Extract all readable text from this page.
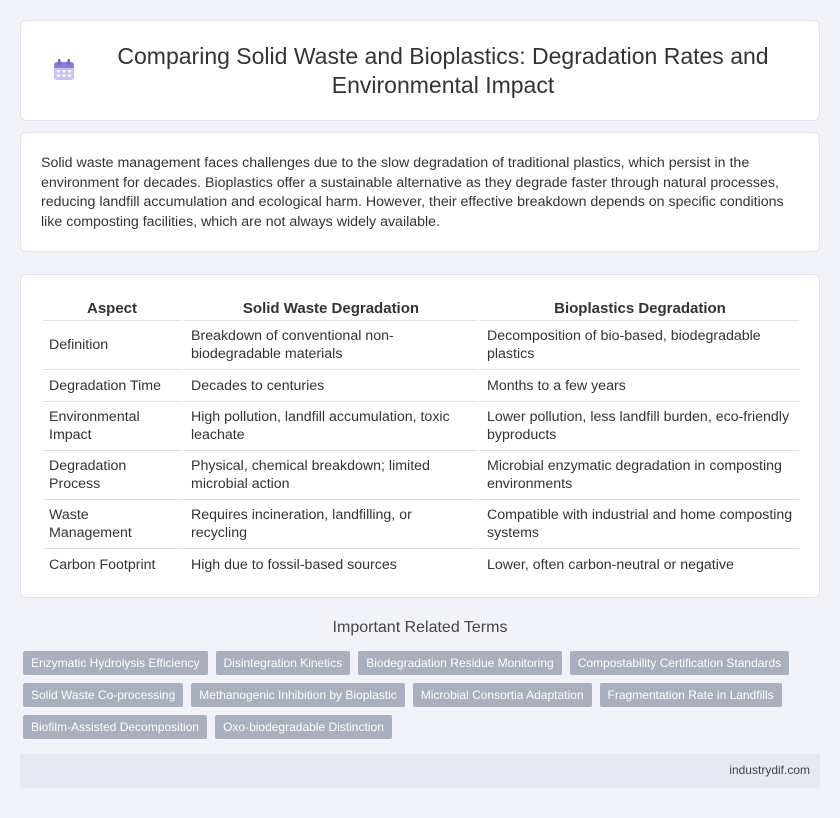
Comparing Solid Waste and Bioplastics: Degradation Rates and Environmental Impact

Solid waste management faces challenges due to the slow degradation of traditional plastics, which persist in the environment for decades. Bioplastics offer a sustainable alternative as they degrade faster through natural processes, reducing landfill accumulation and ecological harm. However, their effective breakdown depends on specific conditions like composting facilities, which are not always widely available.

Aspect	Solid Waste Degradation	Bioplastics Degradation
Definition	Breakdown of conventional non-biodegradable materials	Decomposition of bio-based, biodegradable plastics
Degradation Time	Decades to centuries	Months to a few years
Environmental Impact	High pollution, landfill accumulation, toxic leachate	Lower pollution, less landfill burden, eco-friendly byproducts
Degradation Process	Physical, chemical breakdown; limited microbial action	Microbial enzymatic degradation in composting environments
Waste Management	Requires incineration, landfilling, or recycling	Compatible with industrial and home composting systems
Carbon Footprint	High due to fossil-based sources	Lower, often carbon-neutral or negative
Important Related Terms
Enzymatic Hydrolysis Efficiency	Disintegration Kinetics	Biodegradation Residue Monitoring	Compostability Certification Standards
Solid Waste Co-processing	Methanogenic Inhibition by Bioplastic	Microbial Consortia Adaptation	Fragmentation Rate in Landfills
Biofilm-Assisted Decomposition	Oxo-biodegradable Distinction
industrydif.com
